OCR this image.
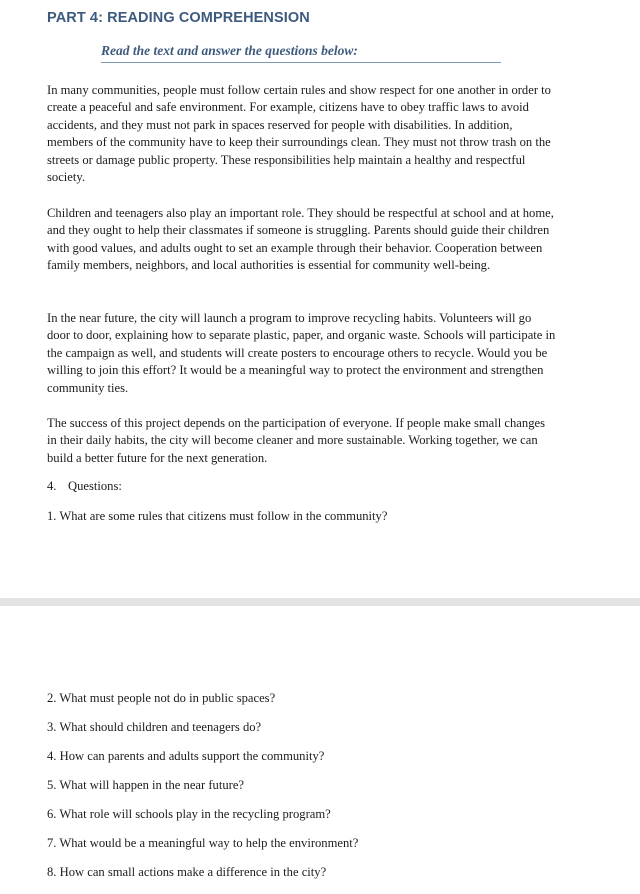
PART 4: READING COMPREHENSION

Read the text and answer the questions below:

In many communities, people must follow certain rules and show respect for one another in order to create a peaceful and safe environment. For example, citizens have to obey traffic laws to avoid accidents, and they must not park in spaces reserved for people with disabilities. In addition, members of the community have to keep their surroundings clean. They must not throw trash on the streets or damage public property. These responsibilities help maintain a healthy and respectful society.

Children and teenagers also play an important role. They should be respectful at school and at home, and they ought to help their classmates if someone is struggling. Parents should guide their children with good values, and adults ought to set an example through their behavior. Cooperation between family members, neighbors, and local authorities is essential for community well-being.

In the near future, the city will launch a program to improve recycling habits. Volunteers will go door to door, explaining how to separate plastic, paper, and organic waste. Schools will participate in the campaign as well, and students will create posters to encourage others to recycle. Would you be willing to join this effort? It would be a meaningful way to protect the environment and strengthen community ties.

The success of this project depends on the participation of everyone. If people make small changes in their daily habits, the city will become cleaner and more sustainable. Working together, we can build a better future for the next generation.

4. Questions:

1. What are some rules that citizens must follow in the community?

2. What must people not do in public spaces?

3. What should children and teenagers do?

4. How can parents and adults support the community?

5. What will happen in the near future?

6. What role will schools play in the recycling program?

7. What would be a meaningful way to help the environment?

8. How can small actions make a difference in the city?
